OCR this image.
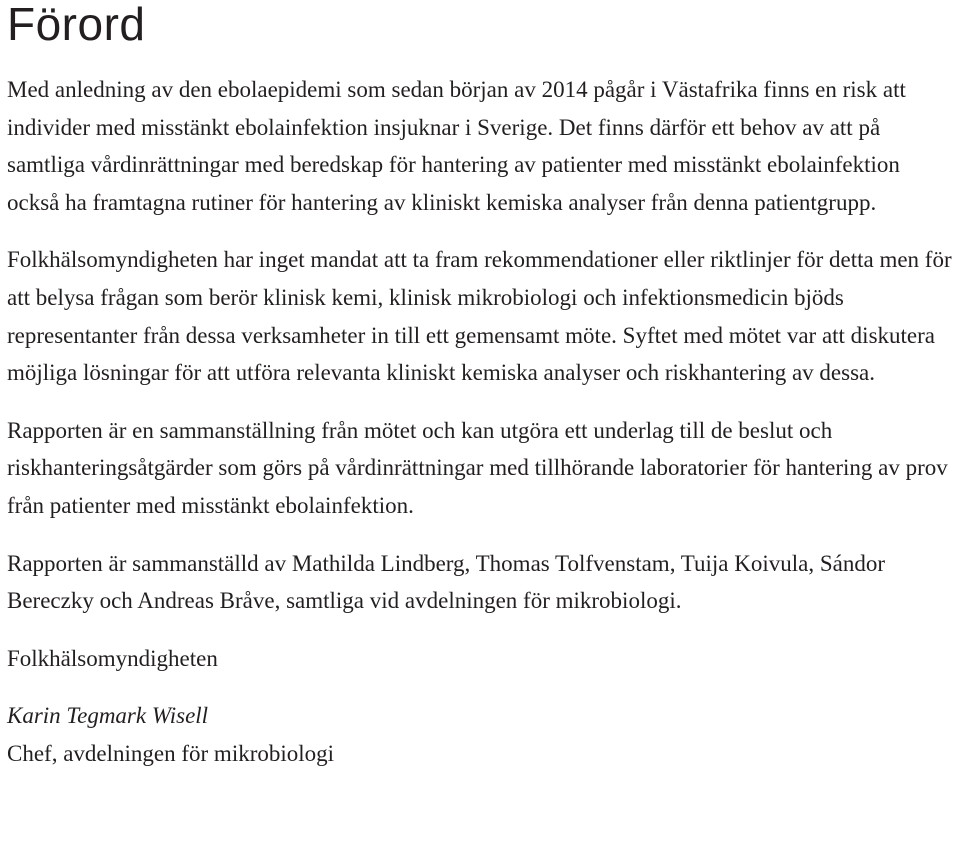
Förord

Med anledning av den ebolaepidemi som sedan början av 2014 pågår i Västafrika finns en risk att individer med misstänkt ebolainfektion insjuknar i Sverige. Det finns därför ett behov av att på samtliga vårdinrättningar med beredskap för hantering av patienter med misstänkt ebolainfektion också ha framtagna rutiner för hantering av kliniskt kemiska analyser från denna patientgrupp.

Folkhälsomyndigheten har inget mandat att ta fram rekommendationer eller riktlinjer för detta men för att belysa frågan som berör klinisk kemi, klinisk mikrobiologi och infektionsmedicin bjöds representanter från dessa verksamheter in till ett gemensamt möte. Syftet med mötet var att diskutera möjliga lösningar för att utföra relevanta kliniskt kemiska analyser och riskhantering av dessa.

Rapporten är en sammanställning från mötet och kan utgöra ett underlag till de beslut och riskhanteringsåtgärder som görs på vårdinrättningar med tillhörande laboratorier för hantering av prov från patienter med misstänkt ebolainfektion.

Rapporten är sammanställd av Mathilda Lindberg, Thomas Tolfvenstam, Tuija Koivula, Sándor Bereczky och Andreas Bråve, samtliga vid avdelningen för mikrobiologi.

Folkhälsomyndigheten

Karin Tegmark Wisell

Chef, avdelningen för mikrobiologi
